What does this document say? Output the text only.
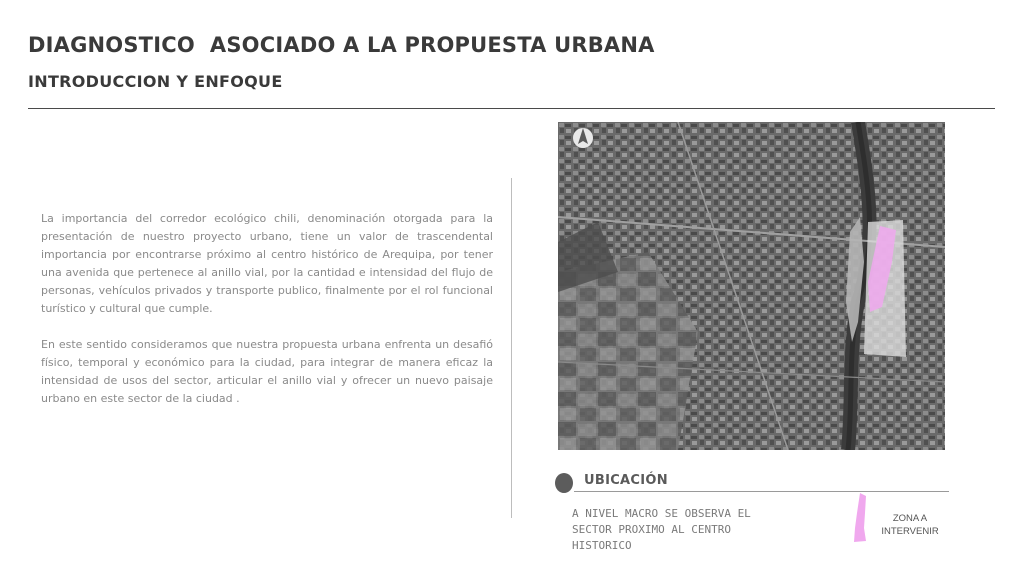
DIAGNOSTICO  ASOCIADO A LA PROPUESTA URBANA
INTRODUCCION Y ENFOQUE

La importancia del corredor ecológico chili, denominación otorgada para la presentación de nuestro proyecto urbano, tiene un valor de trascendental importancia por encontrarse próximo al centro histórico de Arequipa, por tener una avenida que pertenece al anillo vial, por la cantidad e intensidad del flujo de personas, vehículos privados y transporte publico, finalmente por el rol funcional turístico y cultural que cumple.

En este sentido consideramos que nuestra propuesta urbana enfrenta un desafió físico, temporal y económico para la ciudad, para integrar de manera eficaz la intensidad de usos del sector, articular el anillo vial y ofrecer un nuevo paisaje urbano en este sector de la ciudad .

UBICACIÓN

A NIVEL MACRO SE OBSERVA EL SECTOR PROXIMO AL CENTRO HISTORICO

ZONA A
INTERVENIR
